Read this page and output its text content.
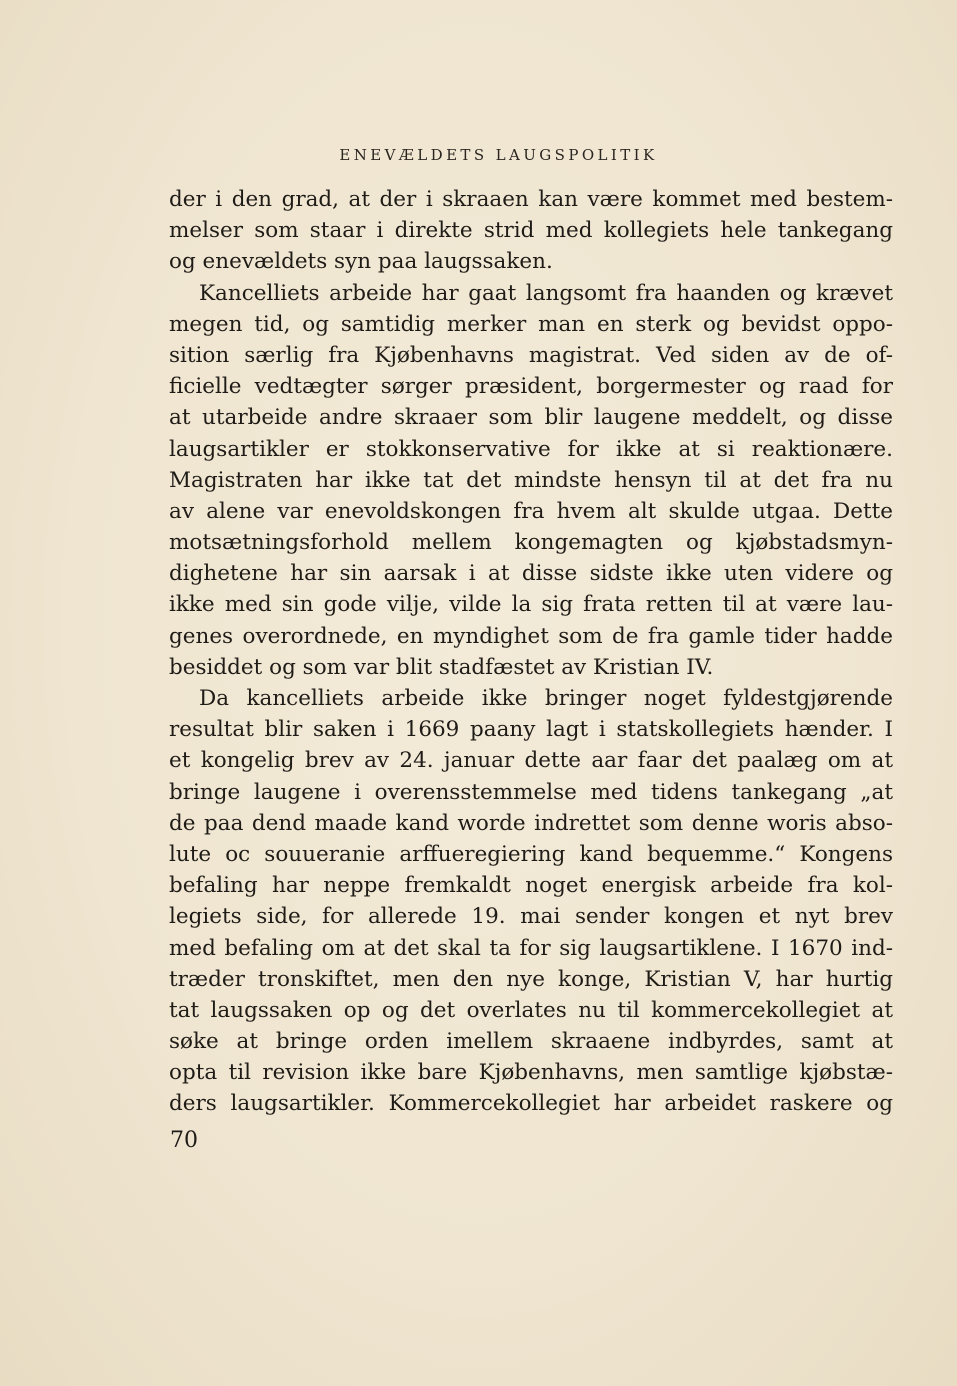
ENEVÆLDETS LAUGSPOLITIK
der i den grad, at der i skraaen kan være kommet med bestem-
melser som staar i direkte strid med kollegiets hele tankegang
og enevældets syn paa laugssaken.
Kancelliets arbeide har gaat langsomt fra haanden og krævet
megen tid, og samtidig merker man en sterk og bevidst oppo-
sition særlig fra Kjøbenhavns magistrat. Ved siden av de of-
ficielle vedtægter sørger præsident, borgermester og raad for
at utarbeide andre skraaer som blir laugene meddelt, og disse
laugsartikler er stokkonservative for ikke at si reaktionære.
Magistraten har ikke tat det mindste hensyn til at det fra nu
av alene var enevoldskongen fra hvem alt skulde utgaa. Dette
motsætningsforhold mellem kongemagten og kjøbstadsmyn-
dighetene har sin aarsak i at disse sidste ikke uten videre og
ikke med sin gode vilje, vilde la sig frata retten til at være lau-
genes overordnede, en myndighet som de fra gamle tider hadde
besiddet og som var blit stadfæstet av Kristian IV.
Da kancelliets arbeide ikke bringer noget fyldestgjørende
resultat blir saken i 1669 paany lagt i statskollegiets hænder. I
et kongelig brev av 24. januar dette aar faar det paalæg om at
bringe laugene i overensstemmelse med tidens tankegang „at
de paa dend maade kand worde indrettet som denne woris abso-
lute oc souueranie arffueregiering kand bequemme.“ Kongens
befaling har neppe fremkaldt noget energisk arbeide fra kol-
legiets side, for allerede 19. mai sender kongen et nyt brev
med befaling om at det skal ta for sig laugsartiklene. I 1670 ind-
træder tronskiftet, men den nye konge, Kristian V, har hurtig
tat laugssaken op og det overlates nu til kommercekollegiet at
søke at bringe orden imellem skraaene indbyrdes, samt at
opta til revision ikke bare Kjøbenhavns, men samtlige kjøbstæ-
ders laugsartikler. Kommercekollegiet har arbeidet raskere og
70
